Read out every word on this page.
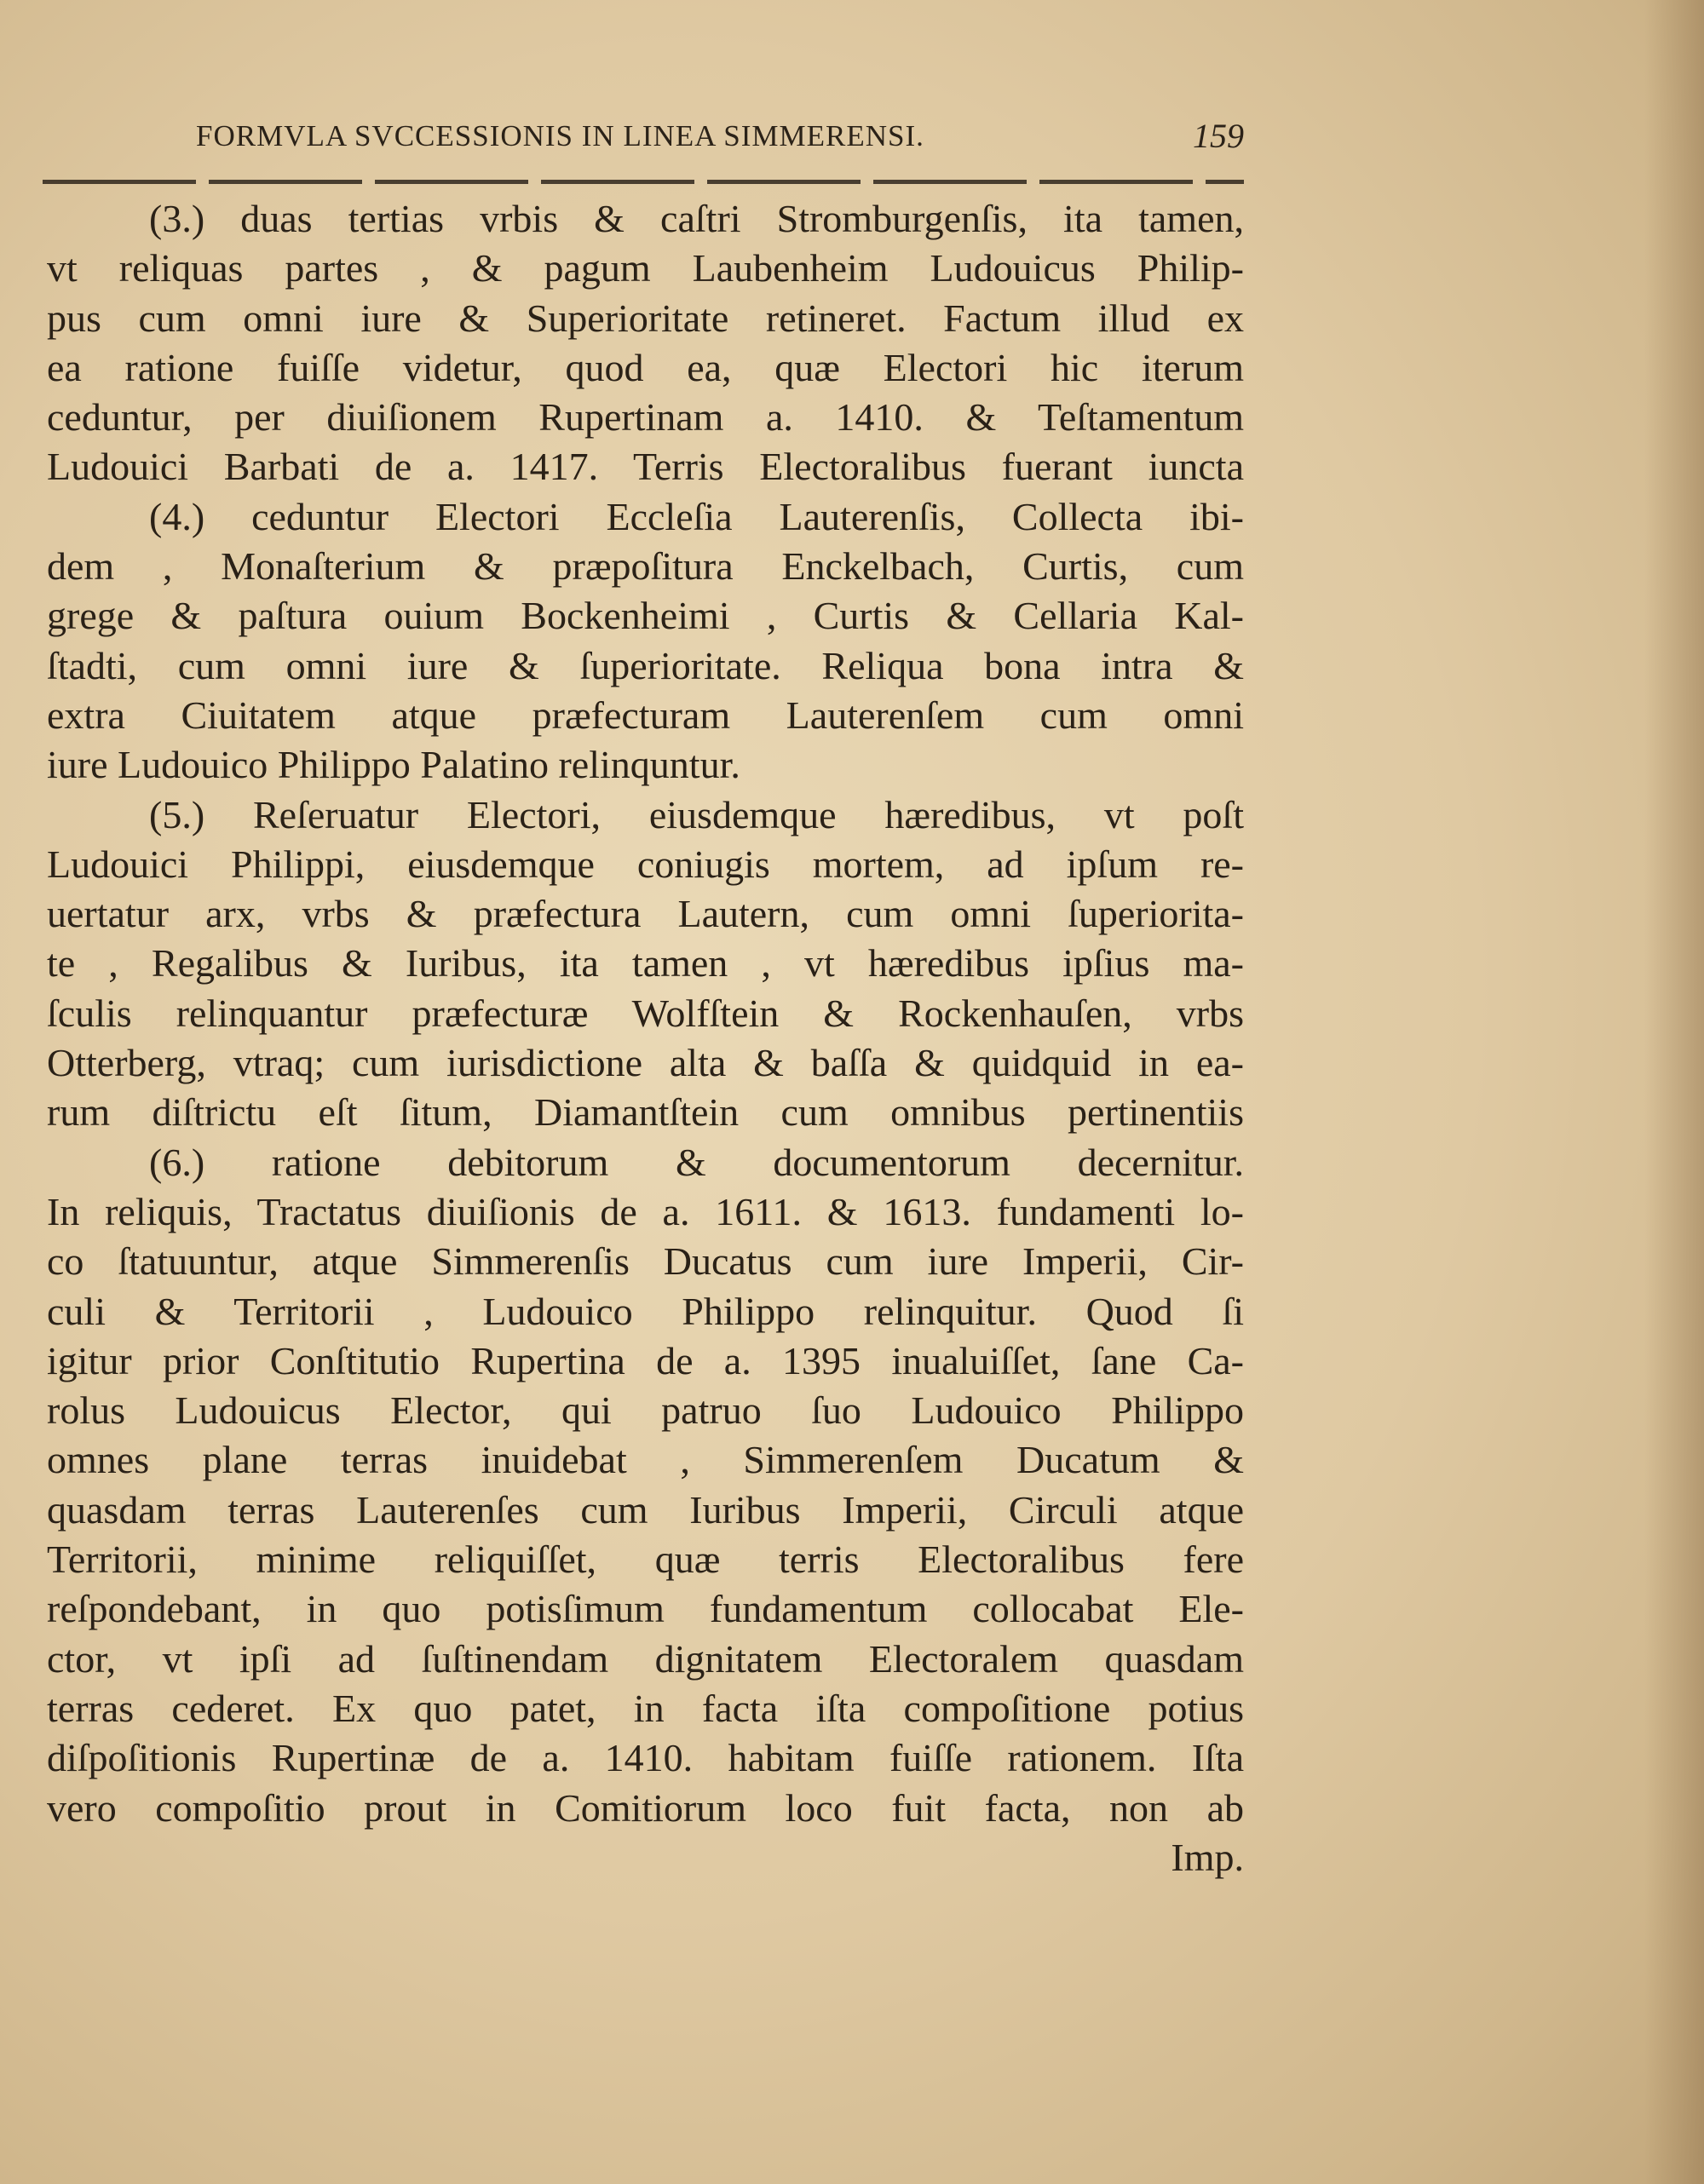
FORMVLA SVCCESSIONIS IN LINEA SIMMERENSI.	159
(3.) duas tertias vrbis & caſtri Stromburgenſis, ita tamen,
vt reliquas partes , & pagum Laubenheim Ludouicus Philip-
pus cum omni iure & Superioritate retineret. Factum illud ex
ea ratione fuiſſe videtur, quod ea, quæ Electori hic iterum
ceduntur, per diuiſionem Rupertinam a. 1410. & Teſtamentum
Ludouici Barbati de a. 1417. Terris Electoralibus fuerant iuncta
(4.) ceduntur Electori Eccleſia Lauterenſis, Collecta ibi-
dem , Monaſterium & præpoſitura Enckelbach, Curtis, cum
grege & paſtura ouium Bockenheimi , Curtis & Cellaria Kal-
ſtadti, cum omni iure & ſuperioritate. Reliqua bona intra &
extra Ciuitatem atque præfecturam Lauterenſem cum omni
iure Ludouico Philippo Palatino relinquntur.
(5.) Reſeruatur Electori, eiusdemque hæredibus, vt poſt
Ludouici Philippi, eiusdemque coniugis mortem, ad ipſum re-
uertatur arx, vrbs & præfectura Lautern, cum omni ſuperiorita-
te , Regalibus & Iuribus, ita tamen , vt hæredibus ipſius ma-
ſculis relinquantur præfecturæ Wolfſtein & Rockenhauſen, vrbs
Otterberg, vtraq; cum iurisdictione alta & baſſa & quidquid in ea-
rum diſtrictu eſt ſitum, Diamantſtein cum omnibus pertinentiis
(6.) ratione debitorum & documentorum decernitur.
In reliquis, Tractatus diuiſionis de a. 1611. & 1613. fundamenti lo-
co ſtatuuntur, atque Simmerenſis Ducatus cum iure Imperii, Cir-
culi & Territorii , Ludouico Philippo relinquitur. Quod ſi
igitur prior Conſtitutio Rupertina de a. 1395 inualuiſſet, ſane Ca-
rolus Ludouicus Elector, qui patruo ſuo Ludouico Philippo
omnes plane terras inuidebat , Simmerenſem Ducatum &
quasdam terras Lauterenſes cum Iuribus Imperii, Circuli atque
Territorii, minime reliquiſſet, quæ terris Electoralibus fere
reſpondebant, in quo potisſimum fundamentum collocabat Ele-
ctor, vt ipſi ad ſuſtinendam dignitatem Electoralem quasdam
terras cederet. Ex quo patet, in facta iſta compoſitione potius
diſpoſitionis Rupertinæ de a. 1410. habitam fuiſſe rationem. Iſta
vero compoſitio prout in Comitiorum loco fuit facta, non ab
Imp.
